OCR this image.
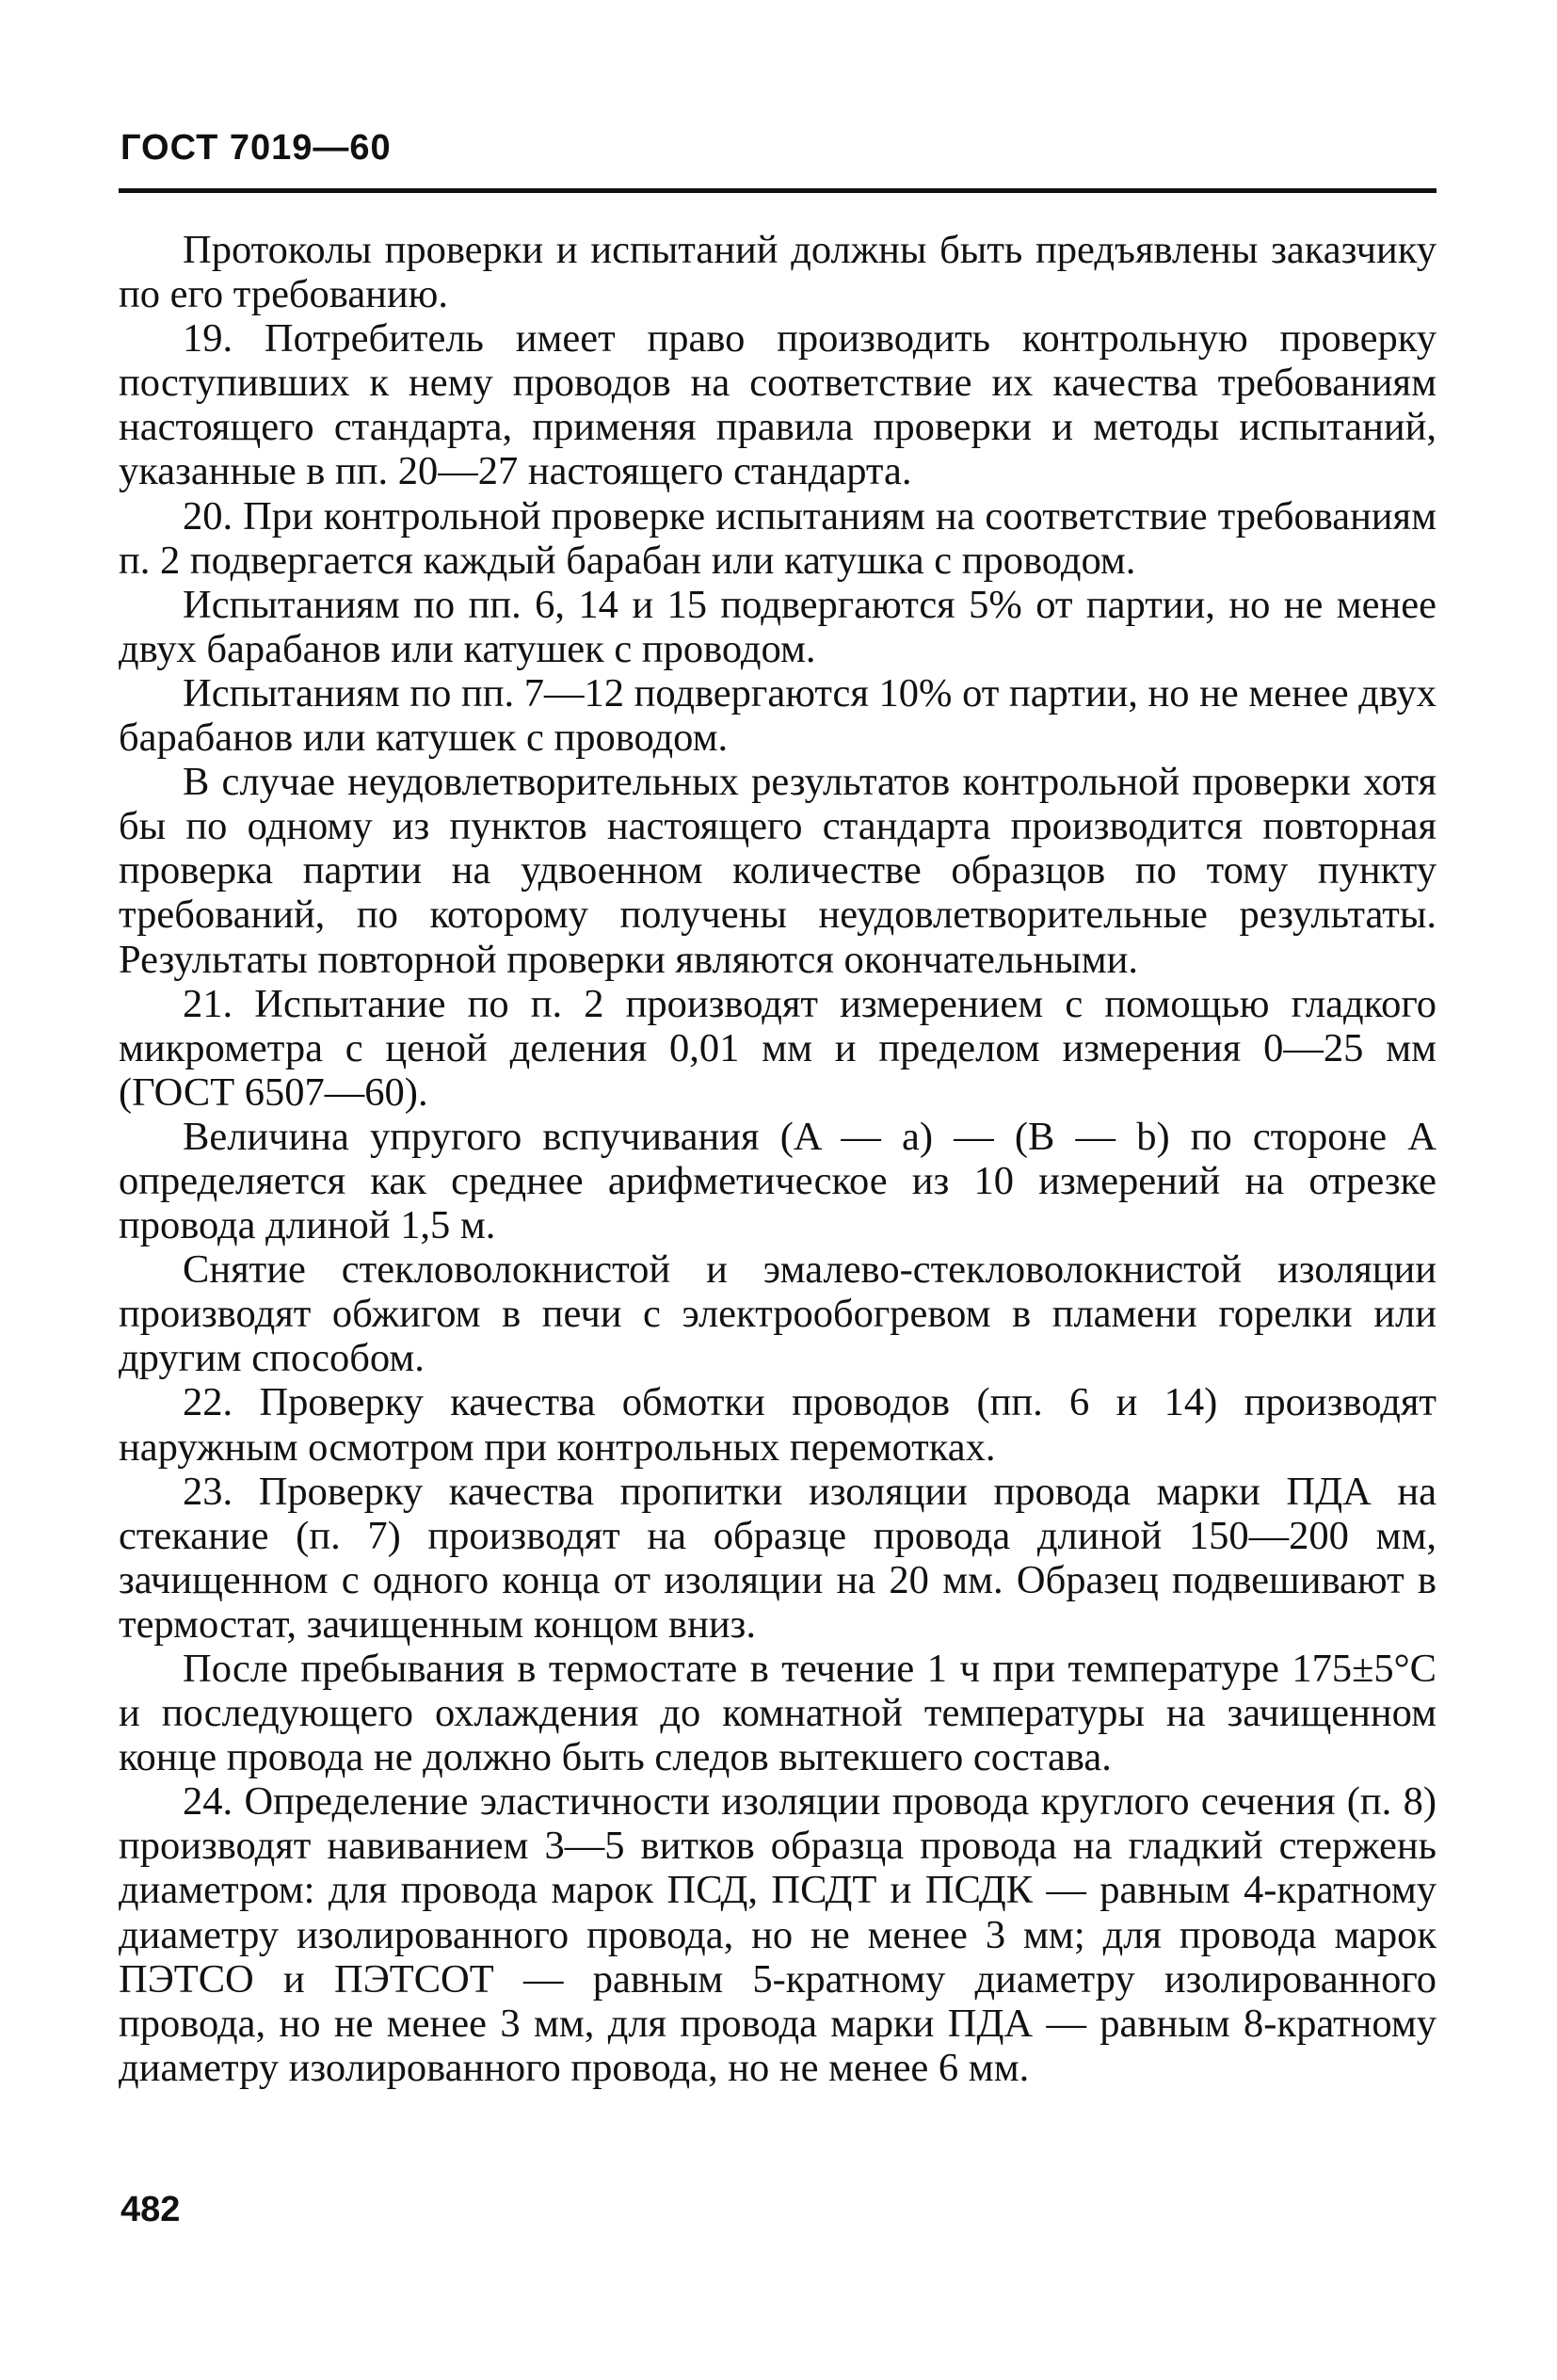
ГОСТ 7019—60

Протоколы проверки и испытаний должны быть предъявлены заказчику по его требованию.

19. Потребитель имеет право производить контрольную проверку поступивших к нему проводов на соответствие их качества требованиям настоящего стандарта, применяя правила проверки и методы испытаний, указанные в пп. 20—27 настоящего стандарта.

20. При контрольной проверке испытаниям на соответствие требованиям п. 2 подвергается каждый барабан или катушка с проводом.

Испытаниям по пп. 6, 14 и 15 подвергаются 5% от партии, но не менее двух барабанов или катушек с проводом.

Испытаниям по пп. 7—12 подвергаются 10% от партии, но не менее двух барабанов или катушек с проводом.

В случае неудовлетворительных результатов контрольной проверки хотя бы по одному из пунктов настоящего стандарта производится повторная проверка партии на удвоенном количестве образцов по тому пункту требований, по которому получены неудовлетворительные результаты. Результаты повторной проверки являются окончательными.

21. Испытание по п. 2 производят измерением с помощью гладкого микрометра с ценой деления 0,01 мм и пределом измерения 0—25 мм (ГОСТ 6507—60).

Величина упругого вспучивания (A — a) — (B — b) по стороне A определяется как среднее арифметическое из 10 измерений на отрезке провода длиной 1,5 м.

Снятие стекловолокнистой и эмалево-стекловолокнистой изоляции производят обжигом в печи с электрообогревом в пламени горелки или другим способом.

22. Проверку качества обмотки проводов (пп. 6 и 14) производят наружным осмотром при контрольных перемотках.

23. Проверку качества пропитки изоляции провода марки ПДА на стекание (п. 7) производят на образце провода длиной 150—200 мм, зачищенном с одного конца от изоляции на 20 мм. Образец подвешивают в термостат, зачищенным концом вниз.

После пребывания в термостате в течение 1 ч при температуре 175±5°С и последующего охлаждения до комнатной температуры на зачищенном конце провода не должно быть следов вытекшего состава.

24. Определение эластичности изоляции провода круглого сечения (п. 8) производят навиванием 3—5 витков образца провода на гладкий стержень диаметром: для провода марок ПСД, ПСДТ и ПСДК — равным 4-кратному диаметру изолированного провода, но не менее 3 мм; для провода марок ПЭТСО и ПЭТСОТ — равным 5-кратному диаметру изолированного провода, но не менее 3 мм, для провода марки ПДА — равным 8-кратному диаметру изолированного провода, но не менее 6 мм.

482
